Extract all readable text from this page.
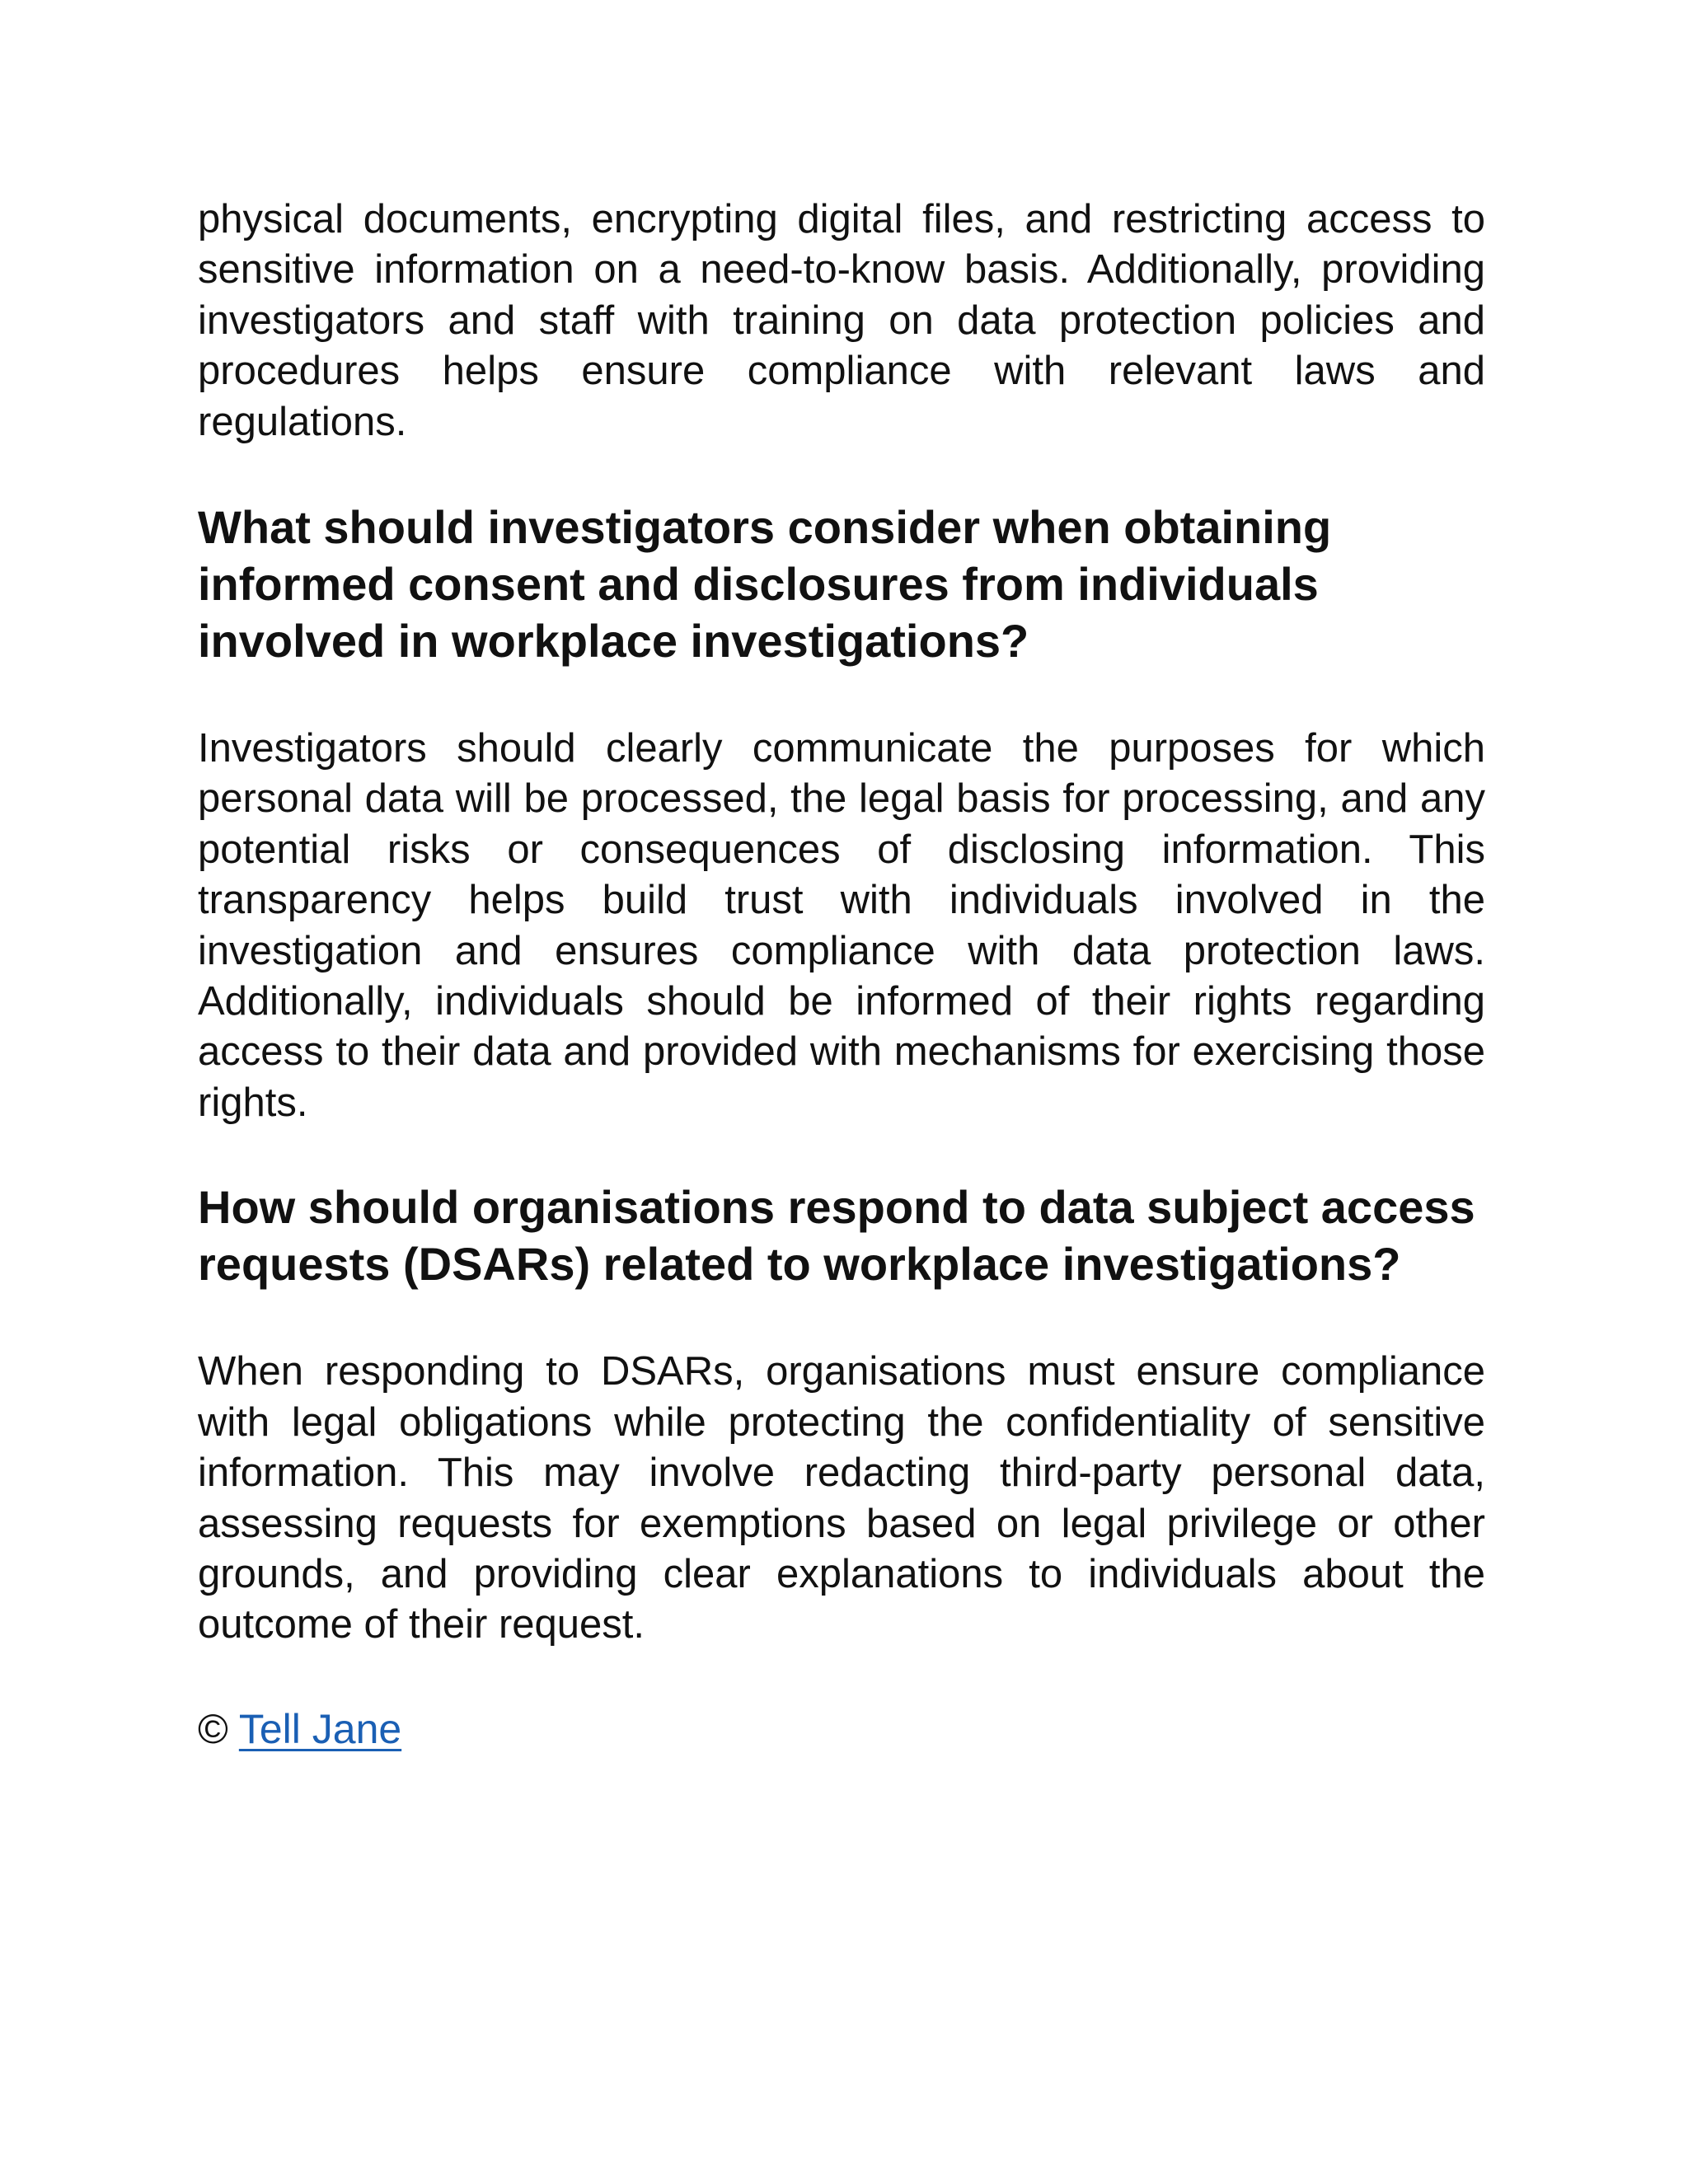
physical documents, encrypting digital files, and restricting access to sensitive information on a need-to-know basis. Additionally, providing investigators and staff with training on data protection policies and procedures helps ensure compliance with relevant laws and regulations.

What should investigators consider when obtaining informed consent and disclosures from individuals involved in workplace investigations?

Investigators should clearly communicate the purposes for which personal data will be processed, the legal basis for processing, and any potential risks or consequences of disclosing information. This transparency helps build trust with individuals involved in the investigation and ensures compliance with data protection laws. Additionally, individuals should be informed of their rights regarding access to their data and provided with mechanisms for exercising those rights.

How should organisations respond to data subject access requests (DSARs) related to workplace investigations?

When responding to DSARs, organisations must ensure compliance with legal obligations while protecting the confidentiality of sensitive information. This may involve redacting third-party personal data, assessing requests for exemptions based on legal privilege or other grounds, and providing clear explanations to individuals about the outcome of their request.

© Tell Jane
